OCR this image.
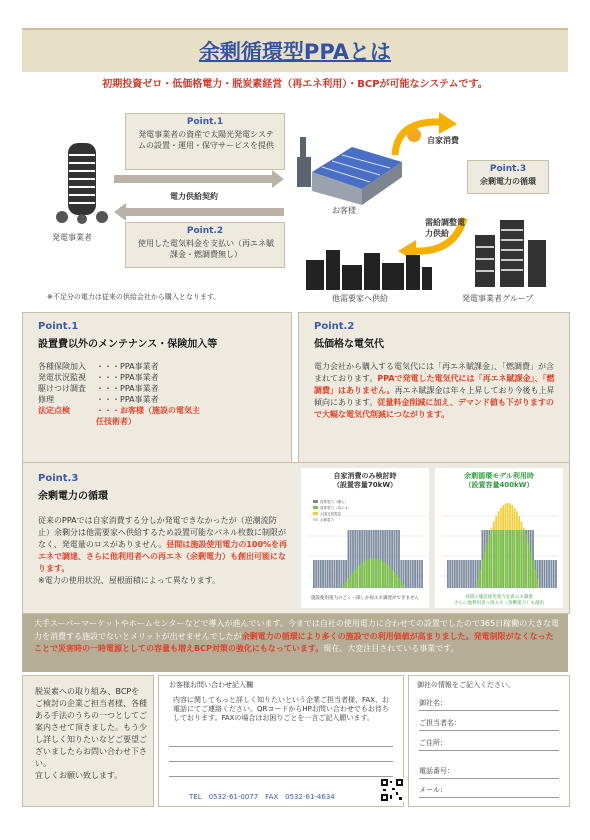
余剰循環型PPAとは
初期投資ゼロ・低価格電力・脱炭素経営（再エネ利用）・BCPが可能なシステムです。
発電事業者
Point.1
発電事業者の資産で太陽光発電システムの設置・運用・保守サービスを提供
電力供給契約
Point.2
使用した電気料金を支払い（再エネ賦課金・燃調費無し）
お客様
自家消費
Point.3
余剰電力の循環
発電事業者グループ
需給調整電力供給
他需要家へ供給
※不足分の電力は従来の供給会社から購入となります。
Point.1
設置費以外のメンテナンス・保険加入等
各種保険加入	・・・PPA事業者
発電状況監視	・・・PPA事業者
駆けつけ調査	・・・PPA事業者
修理	・・・PPA事業者
法定点検	・・・お客様（施設の電気主任技術者）
Point.2
低価格な電気代
電力会社から購入する電気代には「再エネ賦課金」、「燃調費」が含まれております。PPAで発電した電気代には「再エネ賦課金」、「燃調費」はありません。再エネ賦課金は年々上昇しており今後も上昇傾向にあります。従量料金削減に加え、デマンド値も下がりますので大幅な電気代削減につながります。
Point.3
余剰電力の循環
従来のPPAでは自家消費する分しか発電できなかったが（逆潮流防止）余剰分は他需要家へ供給するため設置可能なパネル枚数に制限がなく、発電量のロスがありません。昼間は施設使用電力の100%を再エネで調達、さらに他利用者への再エネ（余剰電力）も創出可能になります。
※電力の使用状況、屋根面積によって異なります。
自家消費のみ検討時
（設置容量70kW）
需要電力（購入）
需要電力（再エネ）
太陽光発電量
余剰電力
施設使用電力のごく一部しか再エネ調達ができません
余剰循環モデル利用時
（設置容量400kW）
昼間の施設使用電力を再エネ調達
さらに他利用者へ再エネ（余剰電力）も創出
大手スーパーマーケットやホームセンターなどで導入が進んでいます。今までは自社の使用電力に合わせての設置でしたので365日稼働の大きな電力を消費する施設でないとメリットが出せませんでしたが余剰電力の循環により多くの施設での利用価値が高まりました。発電制限がなくなったことで災害時の一時電源としての容量も増えBCP対策の強化にもなっています。現在、大変注目されている事業です。
脱炭素への取り組み、BCPをご検討の企業ご担当者様、各種ある手法のうちの一つとしてご案内させて頂きました。もう少し詳しく知りたいなどご要望ございましたらお問い合わせ下さい。
宜しくお願い致します。
お客様お問い合わせ記入欄
内容に関してもっと詳しく知りたいという企業ご担当者様、FAX、お電話にてご連絡ください。QRコードからHPお問い合わせでもお待ちしております。FAXの場合はお困りごとを一言ご記入願います。
TEL　0532-61-0077　FAX　0532-61-4634
御社の情報をご記入ください。
御社名：
ご担当者名：
ご住所：
電話番号：
メール：
